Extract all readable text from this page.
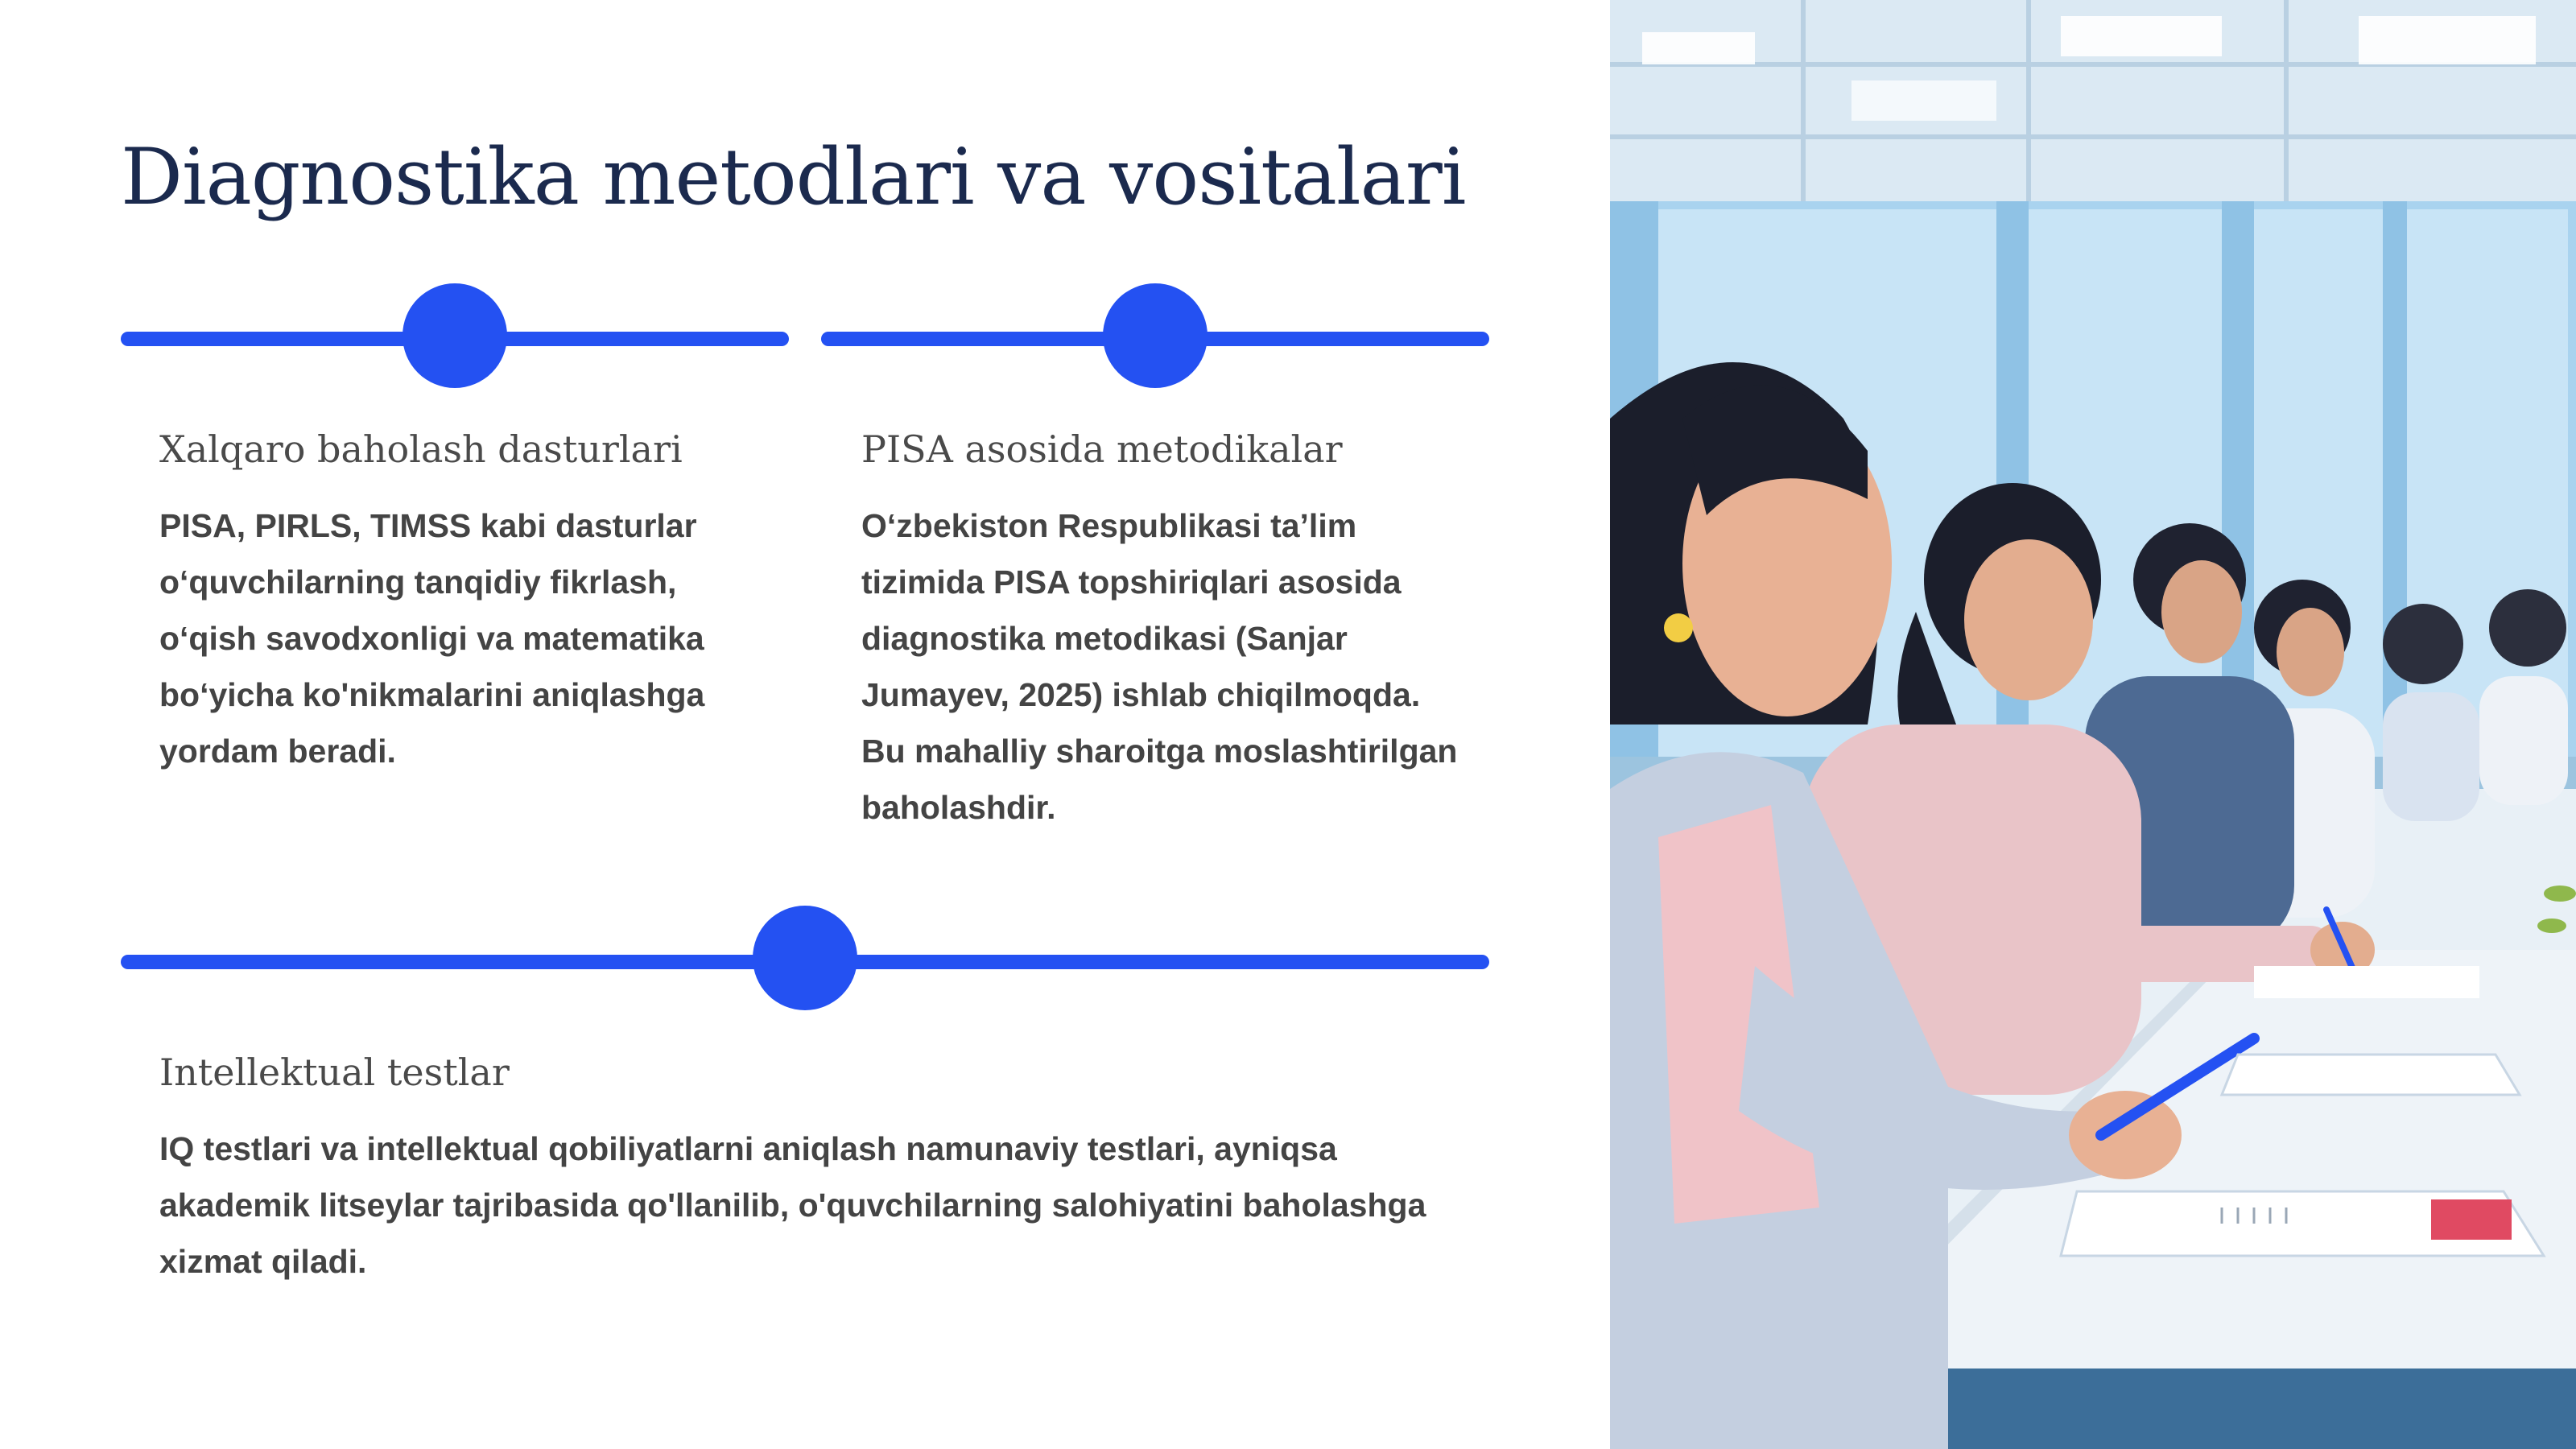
Diagnostika metodlari va vositalari
Xalqaro baholash dasturlari
PISA, PIRLS, TIMSS kabi dasturlar
oʻquvchilarning tanqidiy fikrlash,
oʻqish savodxonligi va matematika
boʻyicha ko'nikmalarini aniqlashga
yordam beradi.
PISA asosida metodikalar
Oʻzbekiston Respublikasi taʼlim
tizimida PISA topshiriqlari asosida
diagnostika metodikasi (Sanjar
Jumayev, 2025) ishlab chiqilmoqda.
Bu mahalliy sharoitga moslashtirilgan
baholashdir.
Intellektual testlar
IQ testlari va intellektual qobiliyatlarni aniqlash namunaviy testlari, ayniqsa
akademik litseylar tajribasida qo'llanilib, o'quvchilarning salohiyatini baholashga
xizmat qiladi.
